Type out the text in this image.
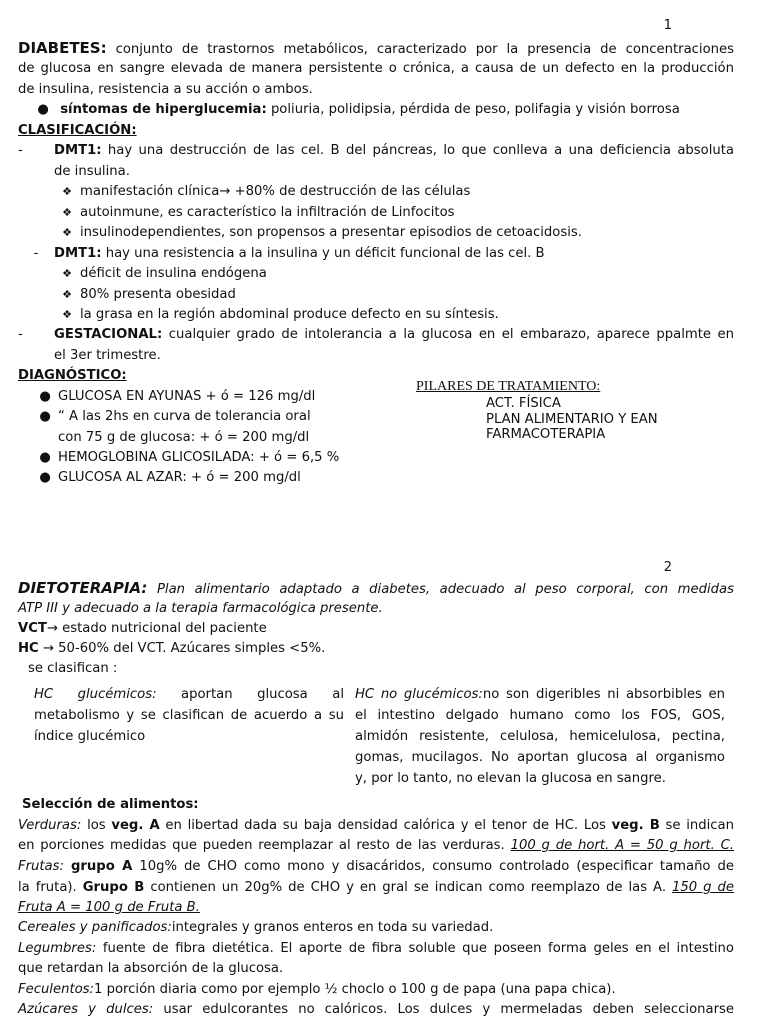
1
DIABETES: conjunto de trastornos metabólicos, caracterizado por la presencia de concentraciones
de glucosa en sangre elevada de manera persistente o crónica, a causa de un defecto en la producción
de insulina, resistencia a su acción o ambos.
● síntomas de hiperglucemia: poliuria, polidipsia, pérdida de peso, polifagia y visión borrosa
CLASIFICACIÓN:
- DMT1: hay una destrucción de las cel. B del páncreas, lo que conlleva a una deficiencia absoluta
de insulina.
❖ manifestación clínica→ +80% de destrucción de las células
❖ autoinmune, es característico la infiltración de Linfocitos
❖ insulinodependientes, son propensos a presentar episodios de cetoacidosis.
- DMT1: hay una resistencia a la insulina y un déficit funcional de las cel. B
❖ déficit de insulina endógena
❖ 80% presenta obesidad
❖ la grasa en la región abdominal produce defecto en su síntesis.
- GESTACIONAL: cualquier grado de intolerancia a la glucosa en el embarazo, aparece ppalmte en
el 3er trimestre.
DIAGNÓSTICO:
● GLUCOSA EN AYUNAS + ó = 126 mg/dl
● “ A las 2hs en curva de tolerancia oral
con 75 g de glucosa: + ó = 200 mg/dl
● HEMOGLOBINA GLICOSILADA: + ó = 6,5 %
● GLUCOSA AL AZAR: + ó = 200 mg/dl
PILARES DE TRATAMIENTO:
ACT. FÍSICA
PLAN ALIMENTARIO Y EAN
FARMACOTERAPIA
2
DIETOTERAPIA: Plan alimentario adaptado a diabetes, adecuado al peso corporal, con medidas
ATP III y adecuado a la terapia farmacológica presente.
VCT→ estado nutricional del paciente
HC → 50-60% del VCT. Azúcares simples <5%.
se clasifican :
HC glucémicos: aportan glucosa al
metabolismo y se clasifican de acuerdo a su
índice glucémico
HC no glucémicos:no son digeribles ni absorbibles en
el intestino delgado humano como los FOS, GOS,
almidón resistente, celulosa, hemicelulosa, pectina,
gomas, mucilagos. No aportan glucosa al organismo
y, por lo tanto, no elevan la glucosa en sangre.
Selección de alimentos:
Verduras: los veg. A en libertad dada su baja densidad calórica y el tenor de HC. Los veg. B se indican
en porciones medidas que pueden reemplazar al resto de las verduras. 100 g de hort. A = 50 g hort. C.
Frutas: grupo A 10g% de CHO como mono y disacáridos, consumo controlado (especificar tamaño de
la fruta). Grupo B contienen un 20g% de CHO y en gral se indican como reemplazo de las A. 150 g de
Fruta A = 100 g de Fruta B.
Cereales y panificados:integrales y granos enteros en toda su variedad.
Legumbres: fuente de fibra dietética. El aporte de fibra soluble que poseen forma geles en el intestino
que retardan la absorción de la glucosa.
Feculentos:1 porción diaria como por ejemplo ½ choclo o 100 g de papa (una papa chica).
Azúcares y dulces: usar edulcorantes no calóricos. Los dulces y mermeladas deben seleccionarse
